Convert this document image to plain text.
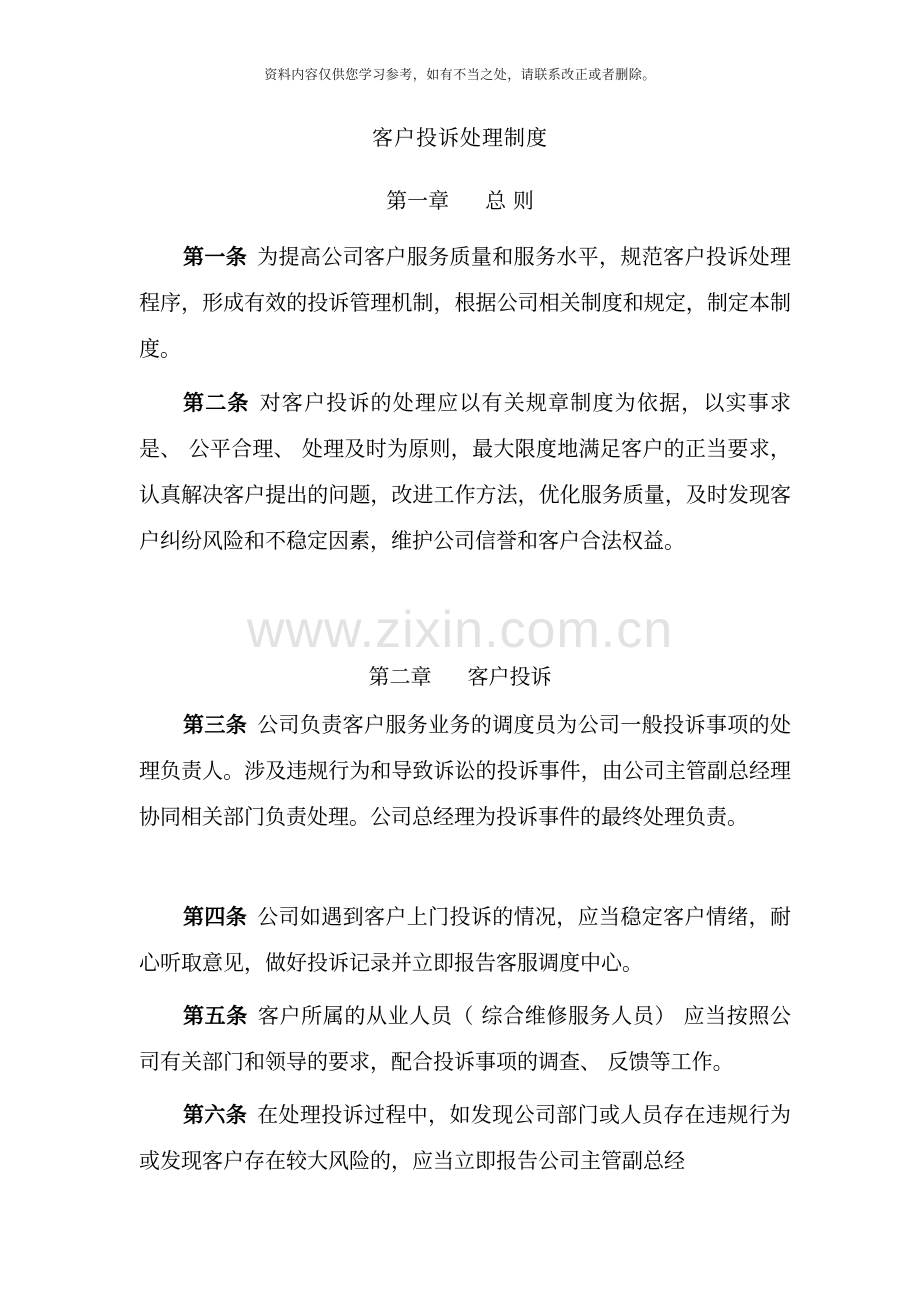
资料内容仅供您学习参考，如有不当之处，请联系改正或者删除。
客户投诉处理制度
第一章 总 则
第一条 为提高公司客户服务质量和服务水平，规范客户投诉处理程序，形成有效的投诉管理机制，根据公司相关制度和规定，制定本制度。
第二条 对客户投诉的处理应以有关规章制度为依据，以实事求是、 公平合理、 处理及时为原则，最大限度地满足客户的正当要求，认真解决客户提出的问题，改进工作方法，优化服务质量，及时发现客户纠纷风险和不稳定因素，维护公司信誉和客户合法权益。
www.zixin.com.cn
第二章 客户投诉
第三条 公司负责客户服务业务的调度员为公司一般投诉事项的处理负责人。涉及违规行为和导致诉讼的投诉事件，由公司主管副总经理协同相关部门负责处理。公司总经理为投诉事件的最终处理负责。
第四条 公司如遇到客户上门投诉的情况，应当稳定客户情绪，耐心听取意见，做好投诉记录并立即报告客服调度中心。
第五条 客户所属的从业人员（ 综合维修服务人员） 应当按照公司有关部门和领导的要求，配合投诉事项的调查、 反馈等工作。
第六条 在处理投诉过程中，如发现公司部门或人员存在违规行为或发现客户存在较大风险的，应当立即报告公司主管副总经
